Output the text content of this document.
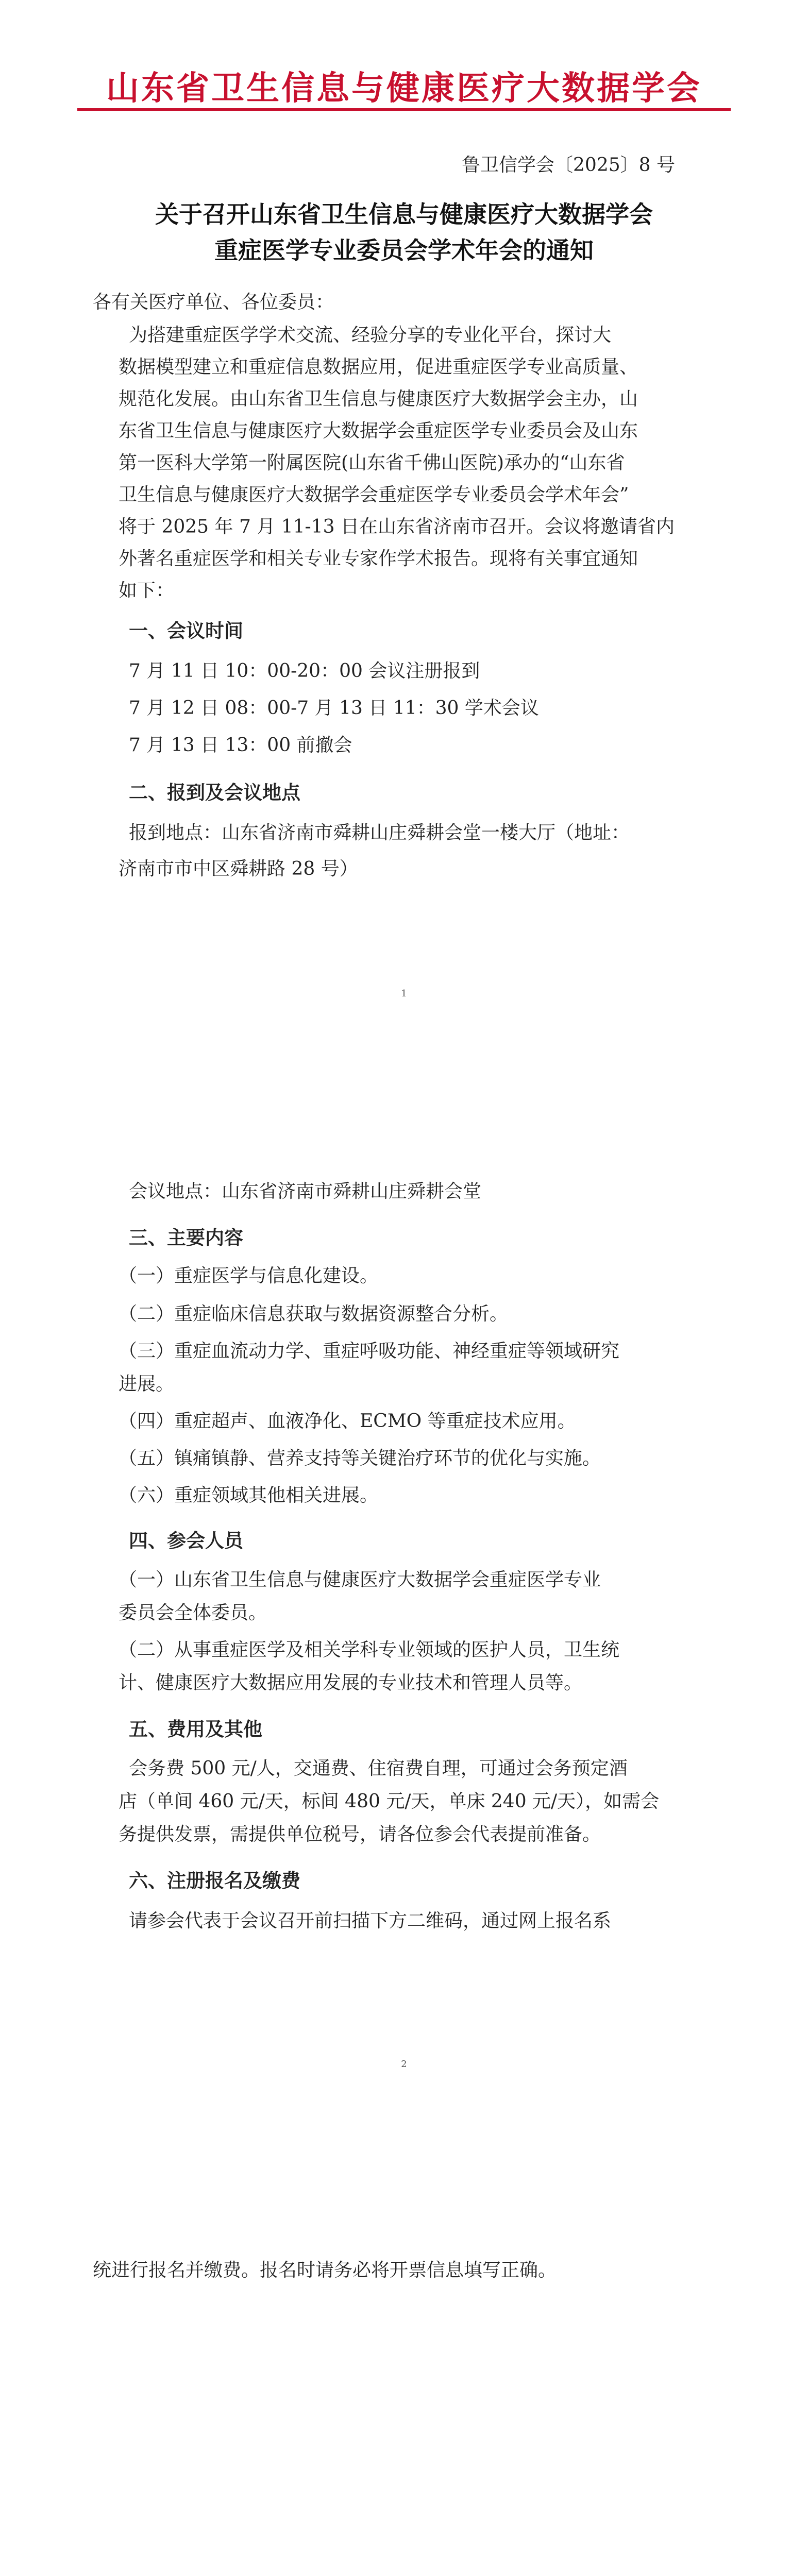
山东省卫生信息与健康医疗大数据学会
鲁卫信学会〔2025〕8 号
关于召开山东省卫生信息与健康医疗大数据学会
重症医学专业委员会学术年会的通知
各有关医疗单位、各位委员：
为搭建重症医学学术交流、经验分享的专业化平台，探讨大
数据模型建立和重症信息数据应用，促进重症医学专业高质量、
规范化发展。由山东省卫生信息与健康医疗大数据学会主办，山
东省卫生信息与健康医疗大数据学会重症医学专业委员会及山东
第一医科大学第一附属医院(山东省千佛山医院)承办的“山东省
卫生信息与健康医疗大数据学会重症医学专业委员会学术年会”
将于 2025 年 7 月 11-13 日在山东省济南市召开。会议将邀请省内
外著名重症医学和相关专业专家作学术报告。现将有关事宜通知
如下：
一、会议时间
7 月 11 日 10：00-20：00 会议注册报到
7 月 12 日 08：00-7 月 13 日 11：30 学术会议
7 月 13 日 13：00 前撤会
二、报到及会议地点
报到地点：山东省济南市舜耕山庄舜耕会堂一楼大厅（地址：
济南市市中区舜耕路 28 号）
1
会议地点：山东省济南市舜耕山庄舜耕会堂
三、主要内容
（一）重症医学与信息化建设。
（二）重症临床信息获取与数据资源整合分析。
（三）重症血流动力学、重症呼吸功能、神经重症等领域研究
进展。
（四）重症超声、血液净化、ECMO 等重症技术应用。
（五）镇痛镇静、营养支持等关键治疗环节的优化与实施。
（六）重症领域其他相关进展。
四、参会人员
（一）山东省卫生信息与健康医疗大数据学会重症医学专业
委员会全体委员。
（二）从事重症医学及相关学科专业领域的医护人员，卫生统
计、健康医疗大数据应用发展的专业技术和管理人员等。
五、费用及其他
会务费 500 元/人，交通费、住宿费自理，可通过会务预定酒
店（单间 460 元/天，标间 480 元/天，单床 240 元/天），如需会
务提供发票，需提供单位税号，请各位参会代表提前准备。
六、注册报名及缴费
请参会代表于会议召开前扫描下方二维码，通过网上报名系
2
统进行报名并缴费。报名时请务必将开票信息填写正确。
